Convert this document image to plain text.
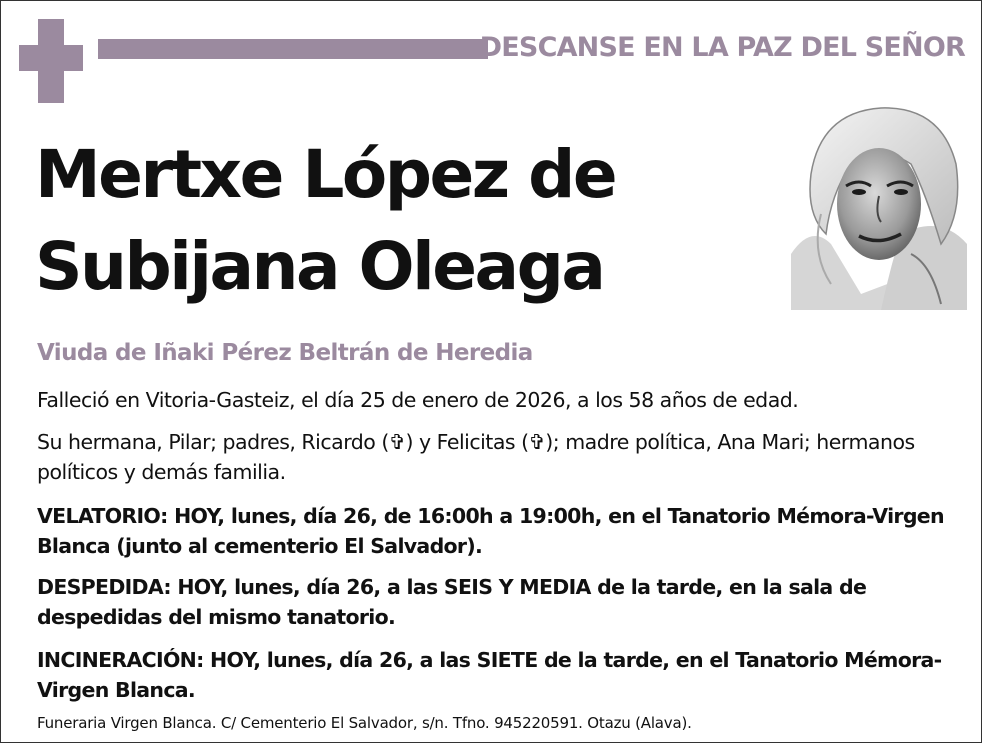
DESCANSE EN LA PAZ DEL SEÑOR
Mertxe López de
Subijana Oleaga
Viuda de Iñaki Pérez Beltrán de Heredia

Falleció en Vitoria-Gasteiz, el día 25 de enero de 2026, a los 58 años de edad.

Su hermana, Pilar; padres, Ricardo (✞) y Felicitas (✞); madre política, Ana Mari; hermanos políticos y demás familia.

VELATORIO: HOY, lunes, día 26, de 16:00h a 19:00h, en el Tanatorio Mémora-Virgen Blanca (junto al cementerio El Salvador).

DESPEDIDA: HOY, lunes, día 26, a las SEIS Y MEDIA de la tarde, en la sala de despedidas del mismo tanatorio.

INCINERACIÓN: HOY, lunes, día 26, a las SIETE de la tarde, en el Tanatorio Mémora-Virgen Blanca.

Funeraria Virgen Blanca. C/ Cementerio El Salvador, s/n. Tfno. 945220591. Otazu (Alava).
